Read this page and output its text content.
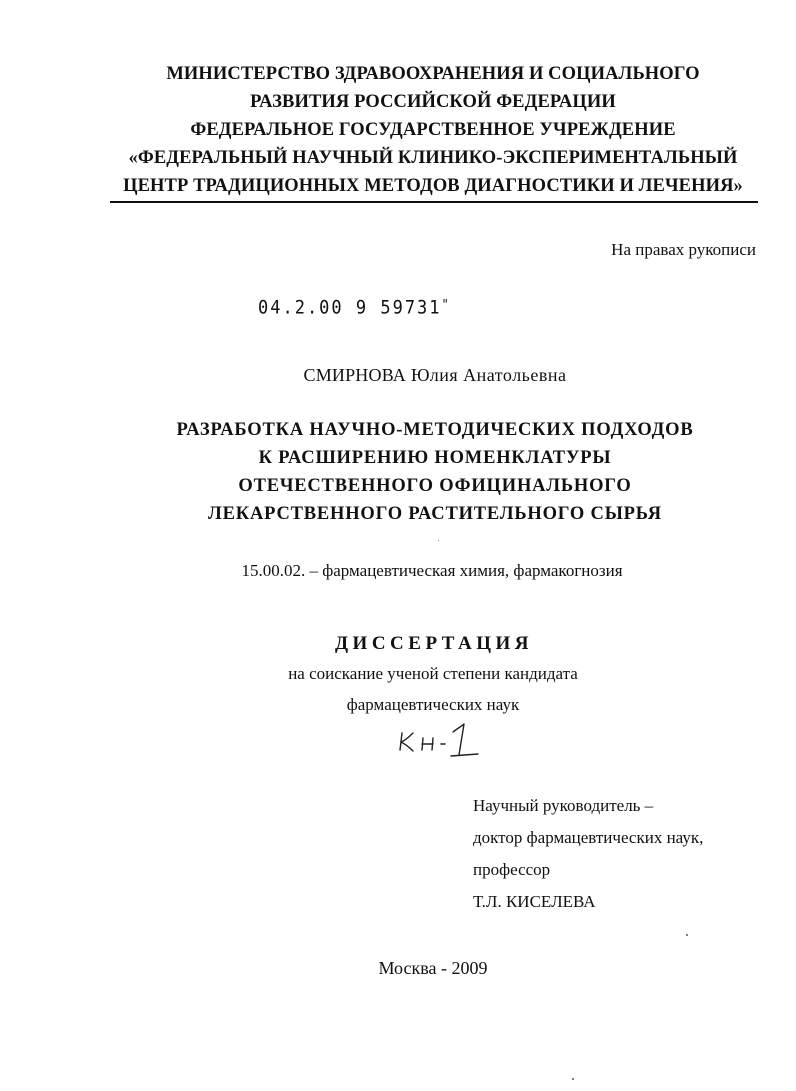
МИНИСТЕРСТВО ЗДРАВООХРАНЕНИЯ И СОЦИАЛЬНОГО
РАЗВИТИЯ РОССИЙСКОЙ ФЕДЕРАЦИИ
ФЕДЕРАЛЬНОЕ ГОСУДАРСТВЕННОЕ УЧРЕЖДЕНИЕ
«ФЕДЕРАЛЬНЫЙ НАУЧНЫЙ КЛИНИКО-ЭКСПЕРИМЕНТАЛЬНЫЙ
ЦЕНТР ТРАДИЦИОННЫХ МЕТОДОВ ДИАГНОСТИКИ И ЛЕЧЕНИЯ»
На правах рукописи
04.2.00 9 59731"
СМИРНОВА Юлия Анатольевна
РАЗРАБОТКА НАУЧНО-МЕТОДИЧЕСКИХ ПОДХОДОВ
К РАСШИРЕНИЮ НОМЕНКЛАТУРЫ
ОТЕЧЕСТВЕННОГО ОФИЦИНАЛЬНОГО
ЛЕКАРСТВЕННОГО РАСТИТЕЛЬНОГО СЫРЬЯ
15.00.02. – фармацевтическая химия, фармакогнозия
ДИССЕРТАЦИЯ
на соискание ученой степени кандидата
фармацевтических наук
Научный руководитель –
доктор фармацевтических наук,
профессор
Т.Л. КИСЕЛЕВА
Москва - 2009
